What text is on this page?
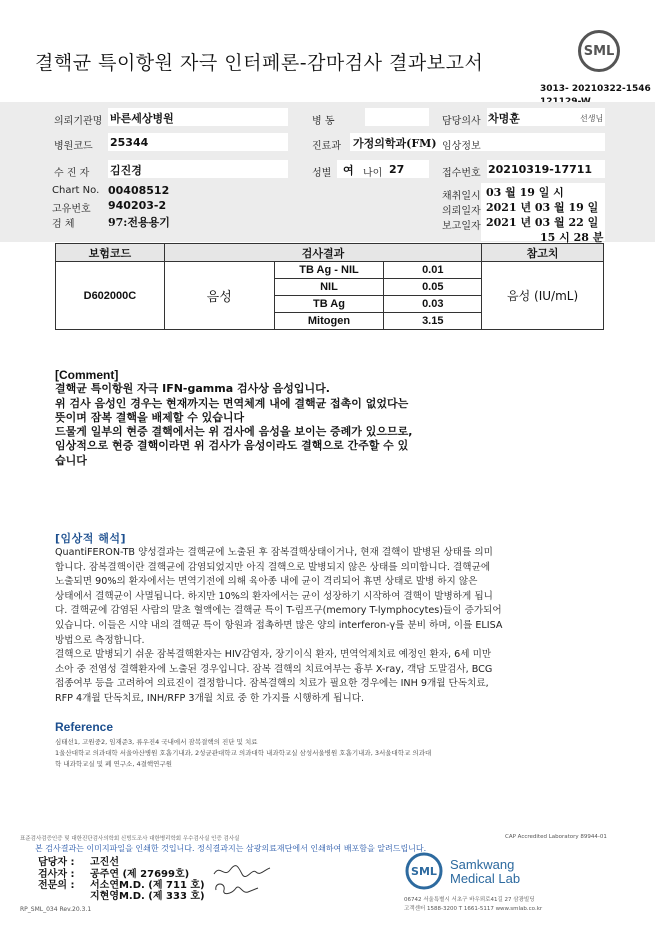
결핵균 특이항원 자극 인터페론-감마검사 결과보고서
SML
3013- 20210322-1546
의뢰기관명 바른세상병원	병 동	담당의사 차명훈	선생님
병원코드 25344	진료과 가정의학과(FM) 임상정보
수 진 자 김진경	성별 여 나이 27	접수번호 20210319-17711
Chart No. 00408512
고유번호 940203-2
검 체	97:전용용기
채취일시 03 월 19 일 시
의뢰일자 2021 년 03 월 19 일
보고일자 2021 년 03 월 22 일
15 시 28 분
보험코드	검사결과			참고치
D602000C	음성	TB Ag - NIL	0.01	음성 (IU/mL)
		NIL	0.05	
		TB Ag	0.03	
		Mitogen	3.15	
[Comment]
결핵균 특이항원 자극 IFN-gamma 검사상 음성입니다.
위 검사 음성인 경우는 현재까지는 면역체계 내에 결핵균 접촉이 없었다는
뜻이며 잠복 결핵을 배제할 수 있습니다
드물게 일부의 현증 결핵에서는 위 검사에 음성을 보이는 증례가 있으므로,
임상적으로 현증 결핵이라면 위 검사가 음성이라도 결핵으로 간주할 수 있
습니다
[임상적 해석]
QuantiFERON-TB 양성결과는 결핵균에 노출된 후 잠복결핵상태이거나, 현재 결핵이 발병된 상태를 의미
합니다. 잠복결핵이란 결핵균에 감염되었지만 아직 결핵으로 발병되지 않은 상태를 의미합니다. 결핵균에
노출되면 90%의 환자에서는 면역기전에 의해 육아종 내에 균이 격리되어 휴면 상태로 발병 하지 않은
상태에서 결핵균이 사멸됩니다. 하지만 10%의 환자에서는 균이 성장하기 시작하여 결핵이 발병하게 됩니
다. 결핵균에 감염된 사람의 말초 혈액에는 결핵균 특이 T-림프구(memory T-lymphocytes)들이 증가되어
있습니다. 이들은 시약 내의 결핵균 특이 항원과 접촉하면 많은 양의 interferon-γ를 분비 하며, 이를 ELISA
방법으로 측정합니다.
결핵으로 발병되기 쉬운 잠복결핵환자는 HIV감염자, 장기이식 환자, 면역억제치료 예정인 환자, 6세 미만
소아 중 전염성 결핵환자에 노출된 경우입니다. 잠복 결핵의 치료여부는 흉부 X-ray, 객담 도말검사, BCG
접종여부 등을 고려하여 의료진이 결정합니다. 잠복결핵의 치료가 필요한 경우에는 INH 9개월 단독치료,
RFP 4개월 단독치료, INH/RFP 3개월 치료 중 한 가지를 시행하게 됩니다.
Reference
심태선1, 고원중2, 임재준3, 류우진4 국내에서 잠복결핵의 진단 및 치료
1울산대학교 의과대학 서울아산병원 호흡기내과, 2성균관대학교 의과대학 내과학교실 삼성서울병원 호흡기내과, 3서울대학교 의과대
학 내과학교실 및 폐 연구소, 4결핵연구원
표준검사검증인증 및 대한진단검사의학회 신빙도조사 대한병리학회 우수검사실 인증 검사실	CAP Accredited Laboratory 89944-01
본 검사결과는 이미지파일을 인쇄한 것입니다. 정식결과지는 삼광의료재단에서 인쇄하여 배포함을 알려드립니다.
담당자 : 고진선
검사자 : 공주연 (제 27699호)
전문의 : 서소연M.D. (제 711 호)
지현영M.D. (제 333 호)
SML Samkwang
Medical Lab
06742 서울특별시 서초구 바우뫼로41길 27 삼광빌딩
고객센터 1588-3200 T 1661-5117 www.smlab.co.kr
RP_SML_034 Rev.20.3.1
